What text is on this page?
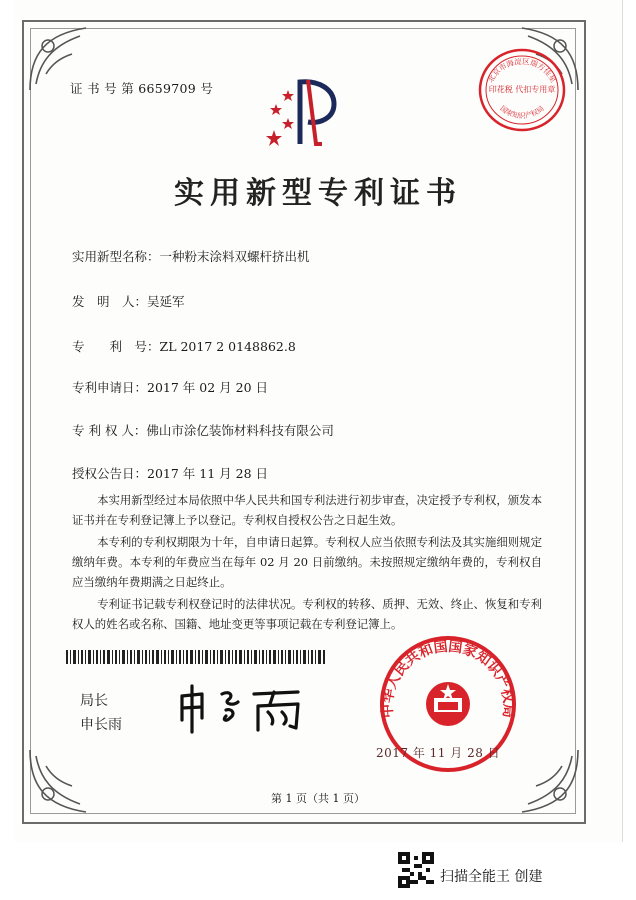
证 书 号 第 6659709 号
北京市海淀区瑞方佳星
国家知识产权局
印花税 代扣专用章
实用新型专利证书
实用新型名称：一种粉末涂料双螺杆挤出机
发　明　人：吴延军
专　　利　号：ZL 2017 2 0148862.8
专利申请日：2017 年 02 月 20 日
专 利 权 人：佛山市涂亿装饰材料科技有限公司
授权公告日：2017 年 11 月 28 日

本实用新型经过本局依照中华人民共和国专利法进行初步审查，决定授予专利权，颁发本证书并在专利登记簿上予以登记。专利权自授权公告之日起生效。

本专利的专利权期限为十年，自申请日起算。专利权人应当依照专利法及其实施细则规定缴纳年费。本专利的年费应当在每年 02 月 20 日前缴纳。未按照规定缴纳年费的，专利权自应当缴纳年费期满之日起终止。

专利证书记载专利权登记时的法律状况。专利权的转移、质押、无效、终止、恢复和专利权人的姓名或名称、国籍、地址变更等事项记载在专利登记簿上。

局长
申长雨
中华人民共和国国家知识产权局
2017 年 11 月 28 日
第 1 页（共 1 页）
扫描全能王 创建
